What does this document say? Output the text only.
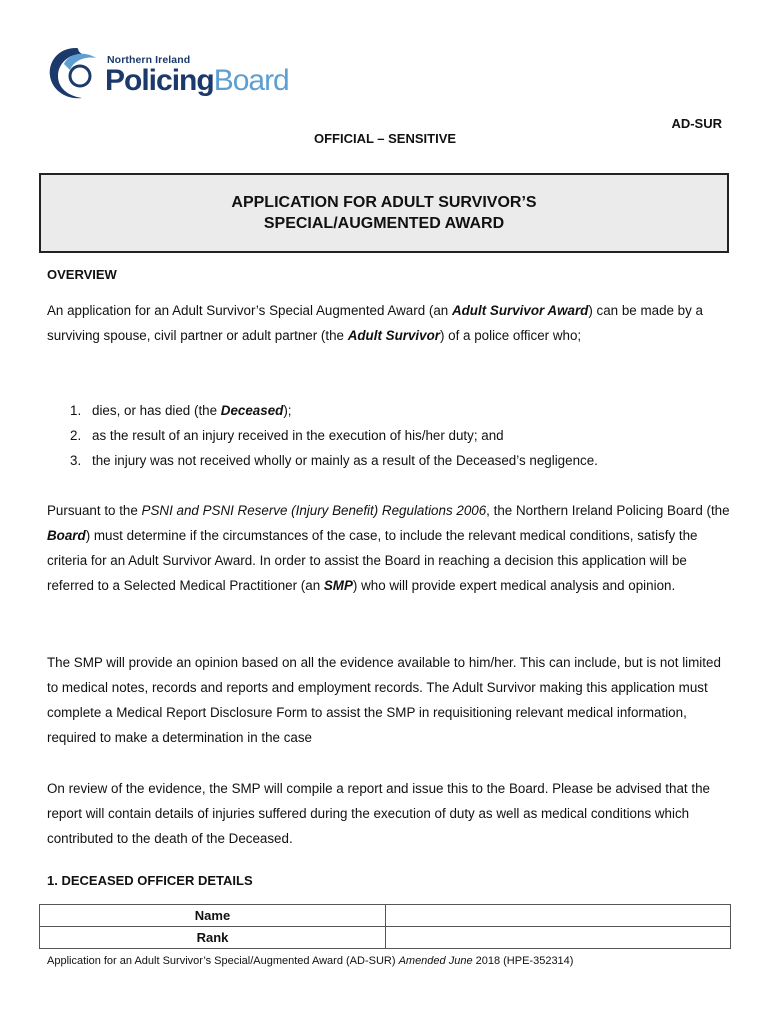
Northern Ireland
PolicingBoard
AD-SUR
OFFICIAL – SENSITIVE
APPLICATION FOR ADULT SURVIVOR’S
SPECIAL/AUGMENTED AWARD
OVERVIEW
An application for an Adult Survivor’s Special Augmented Award (an Adult Survivor Award) can be made by a surviving spouse, civil partner or adult partner (the Adult Survivor) of a police officer who;
1. dies, or has died (the Deceased);
2. as the result of an injury received in the execution of his/her duty; and
3. the injury was not received wholly or mainly as a result of the Deceased’s negligence.
Pursuant to the PSNI and PSNI Reserve (Injury Benefit) Regulations 2006, the Northern Ireland Policing Board (the Board) must determine if the circumstances of the case, to include the relevant medical conditions, satisfy the criteria for an Adult Survivor Award. In order to assist the Board in reaching a decision this application will be referred to a Selected Medical Practitioner (an SMP) who will provide expert medical analysis and opinion.
The SMP will provide an opinion based on all the evidence available to him/her. This can include, but is not limited to medical notes, records and reports and employment records. The Adult Survivor making this application must complete a Medical Report Disclosure Form to assist the SMP in requisitioning relevant medical information, required to make a determination in the case
On review of the evidence, the SMP will compile a report and issue this to the Board. Please be advised that the report will contain details of injuries suffered during the execution of duty as well as medical conditions which contributed to the death of the Deceased.
1. DECEASED OFFICER DETAILS
Name	
Rank	
Application for an Adult Survivor’s Special/Augmented Award (AD-SUR) Amended June 2018 (HPE-352314)
